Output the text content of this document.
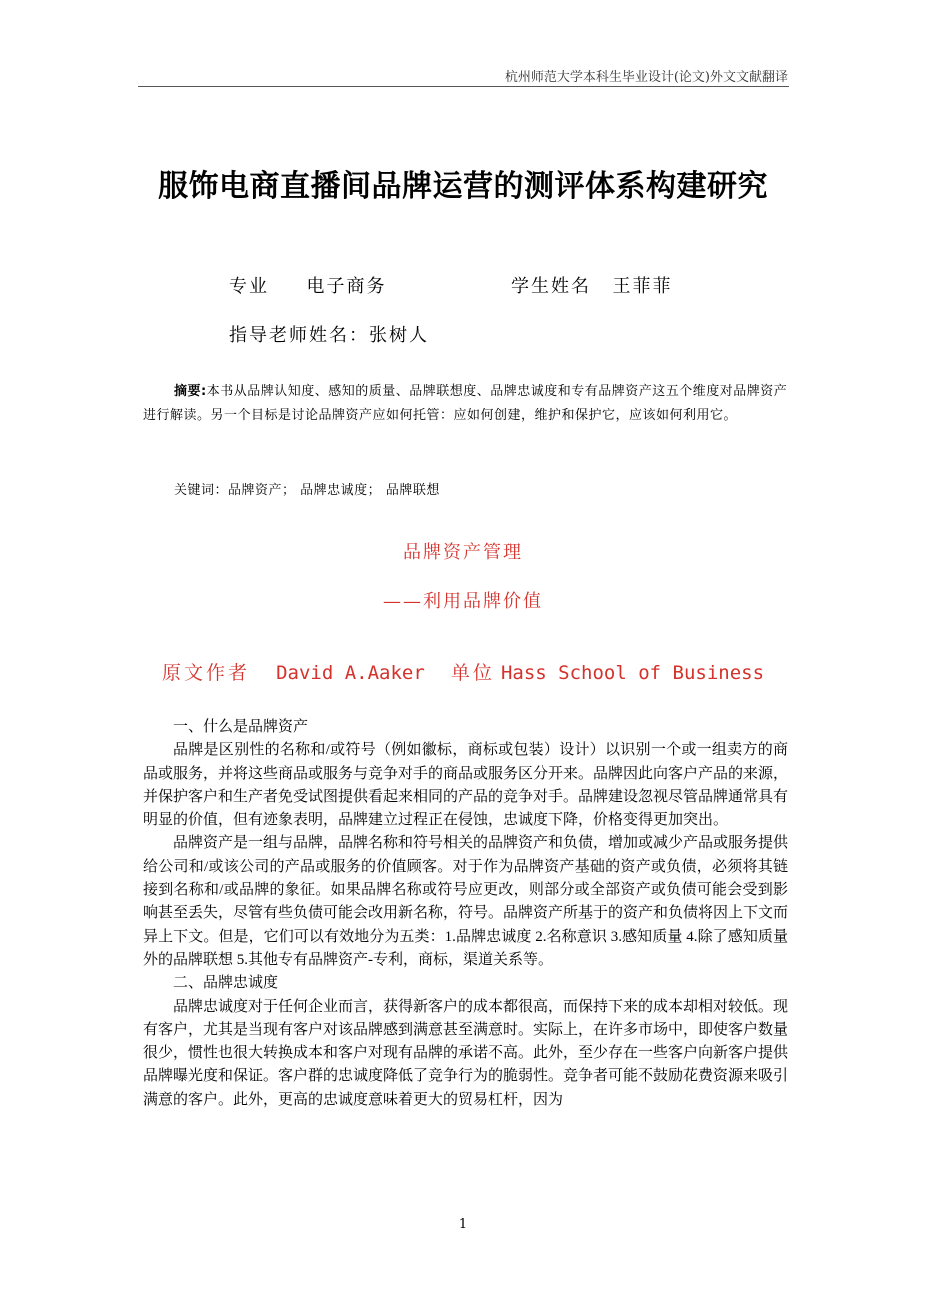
杭州师范大学本科生毕业设计(论文)外文文献翻译
服饰电商直播间品牌运营的测评体系构建研究
专业 电子商务	学生姓名 王菲菲
指导老师姓名：张树人
摘要:本书从品牌认知度、感知的质量、品牌联想度、品牌忠诚度和专有品牌资产这五个维度对品牌资产进行解读。另一个目标是讨论品牌资产应如何托管：应如何创建，维护和保护它，应该如何利用它。
关键词：品牌资产； 品牌忠诚度； 品牌联想
品牌资产管理
——利用品牌价值
原文作者 David A.Aaker 单位 Hass School of Business

一、什么是品牌资产

品牌是区别性的名称和/或符号（例如徽标，商标或包装）设计）以识别一个或一组卖方的商品或服务，并将这些商品或服务与竞争对手的商品或服务区分开来。品牌因此向客户产品的来源，并保护客户和生产者免受试图提供看起来相同的产品的竞争对手。品牌建设忽视尽管品牌通常具有明显的价值，但有迹象表明，品牌建立过程正在侵蚀，忠诚度下降，价格变得更加突出。

品牌资产是一组与品牌，品牌名称和符号相关的品牌资产和负债，增加或减少产品或服务提供给公司和/或该公司的产品或服务的价值顾客。对于作为品牌资产基础的资产或负债，必须将其链接到名称和/或品牌的象征。如果品牌名称或符号应更改，则部分或全部资产或负债可能会受到影响甚至丢失，尽管有些负债可能会改用新名称，符号。品牌资产所基于的资产和负债将因上下文而异上下文。但是，它们可以有效地分为五类：1.品牌忠诚度 2.名称意识 3.感知质量 4.除了感知质量外的品牌联想 5.其他专有品牌资产-专利，商标，渠道关系等。

二、品牌忠诚度

品牌忠诚度对于任何企业而言，获得新客户的成本都很高，而保持下来的成本却相对较低。现有客户，尤其是当现有客户对该品牌感到满意甚至满意时。实际上，在许多市场中，即使客户数量很少，惯性也很大转换成本和客户对现有品牌的承诺不高。此外，至少存在一些客户向新客户提供品牌曝光度和保证。客户群的忠诚度降低了竞争行为的脆弱性。竞争者可能不鼓励花费资源来吸引满意的客户。此外，更高的忠诚度意味着更大的贸易杠杆，因为

1
